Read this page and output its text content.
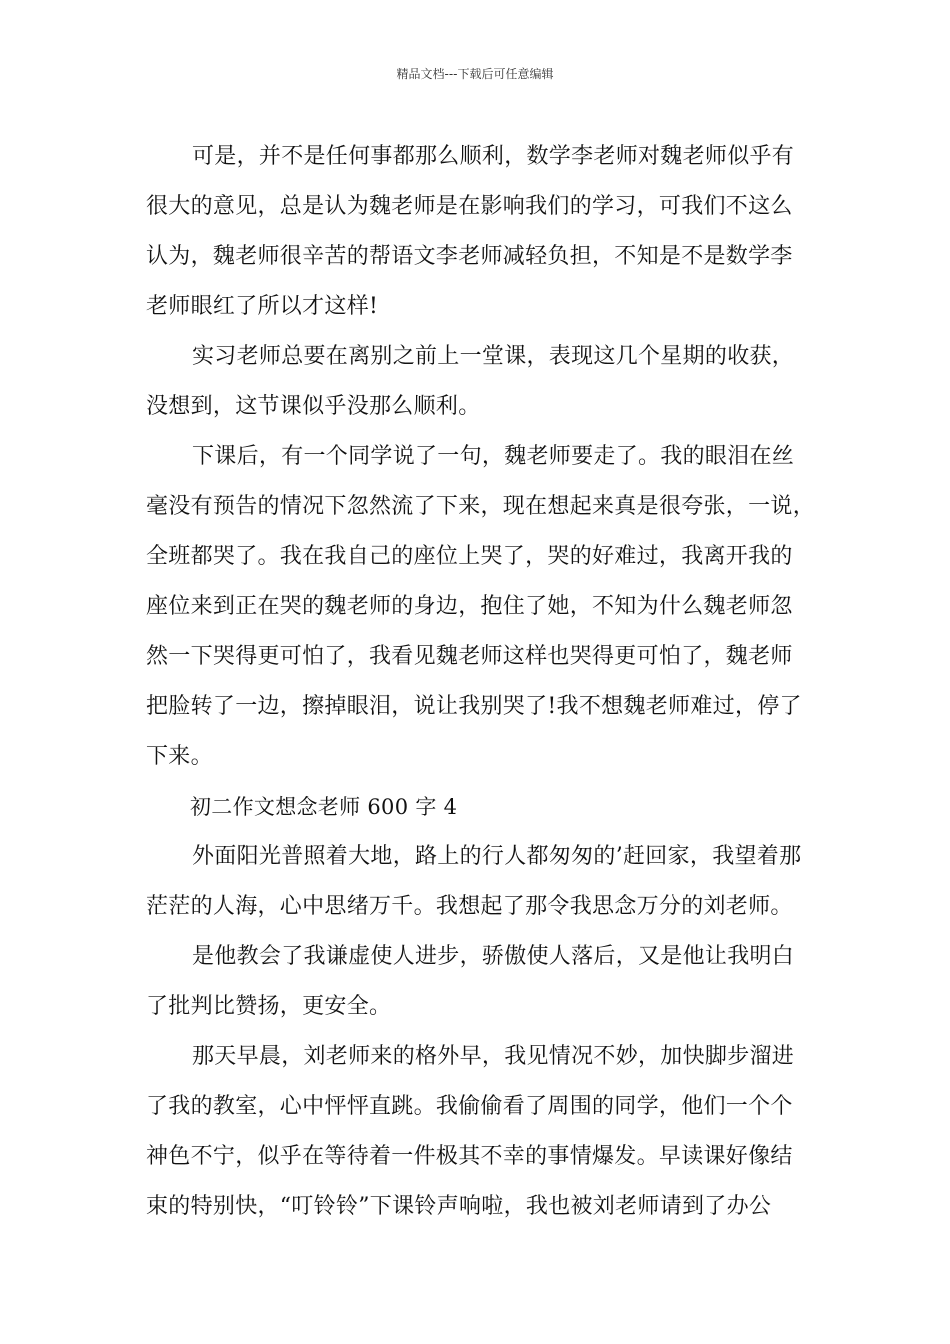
精品文档---下载后可任意编辑
可是，并不是任何事都那么顺利，数学李老师对魏老师似乎有
很大的意见，总是认为魏老师是在影响我们的学习，可我们不这么
认为，魏老师很辛苦的帮语文李老师减轻负担，不知是不是数学李
老师眼红了所以才这样!
实习老师总要在离别之前上一堂课，表现这几个星期的收获，
没想到，这节课似乎没那么顺利。
下课后，有一个同学说了一句，魏老师要走了。我的眼泪在丝
毫没有预告的情况下忽然流了下来，现在想起来真是很夸张，一说，
全班都哭了。我在我自己的座位上哭了，哭的好难过，我离开我的
座位来到正在哭的魏老师的身边，抱住了她，不知为什么魏老师忽
然一下哭得更可怕了，我看见魏老师这样也哭得更可怕了，魏老师
把脸转了一边，擦掉眼泪，说让我别哭了!我不想魏老师难过，停了
下来。
初二作文想念老师 600 字 4
外面阳光普照着大地，路上的行人都匆匆的’赶回家，我望着那
茫茫的人海，心中思绪万千。我想起了那令我思念万分的刘老师。
是他教会了我谦虚使人进步，骄傲使人落后，又是他让我明白
了批判比赞扬，更安全。
那天早晨，刘老师来的格外早，我见情况不妙，加快脚步溜进
了我的教室，心中怦怦直跳。我偷偷看了周围的同学，他们一个个
神色不宁，似乎在等待着一件极其不幸的事情爆发。早读课好像结
束的特别快，“叮铃铃”下课铃声响啦，我也被刘老师请到了办公
